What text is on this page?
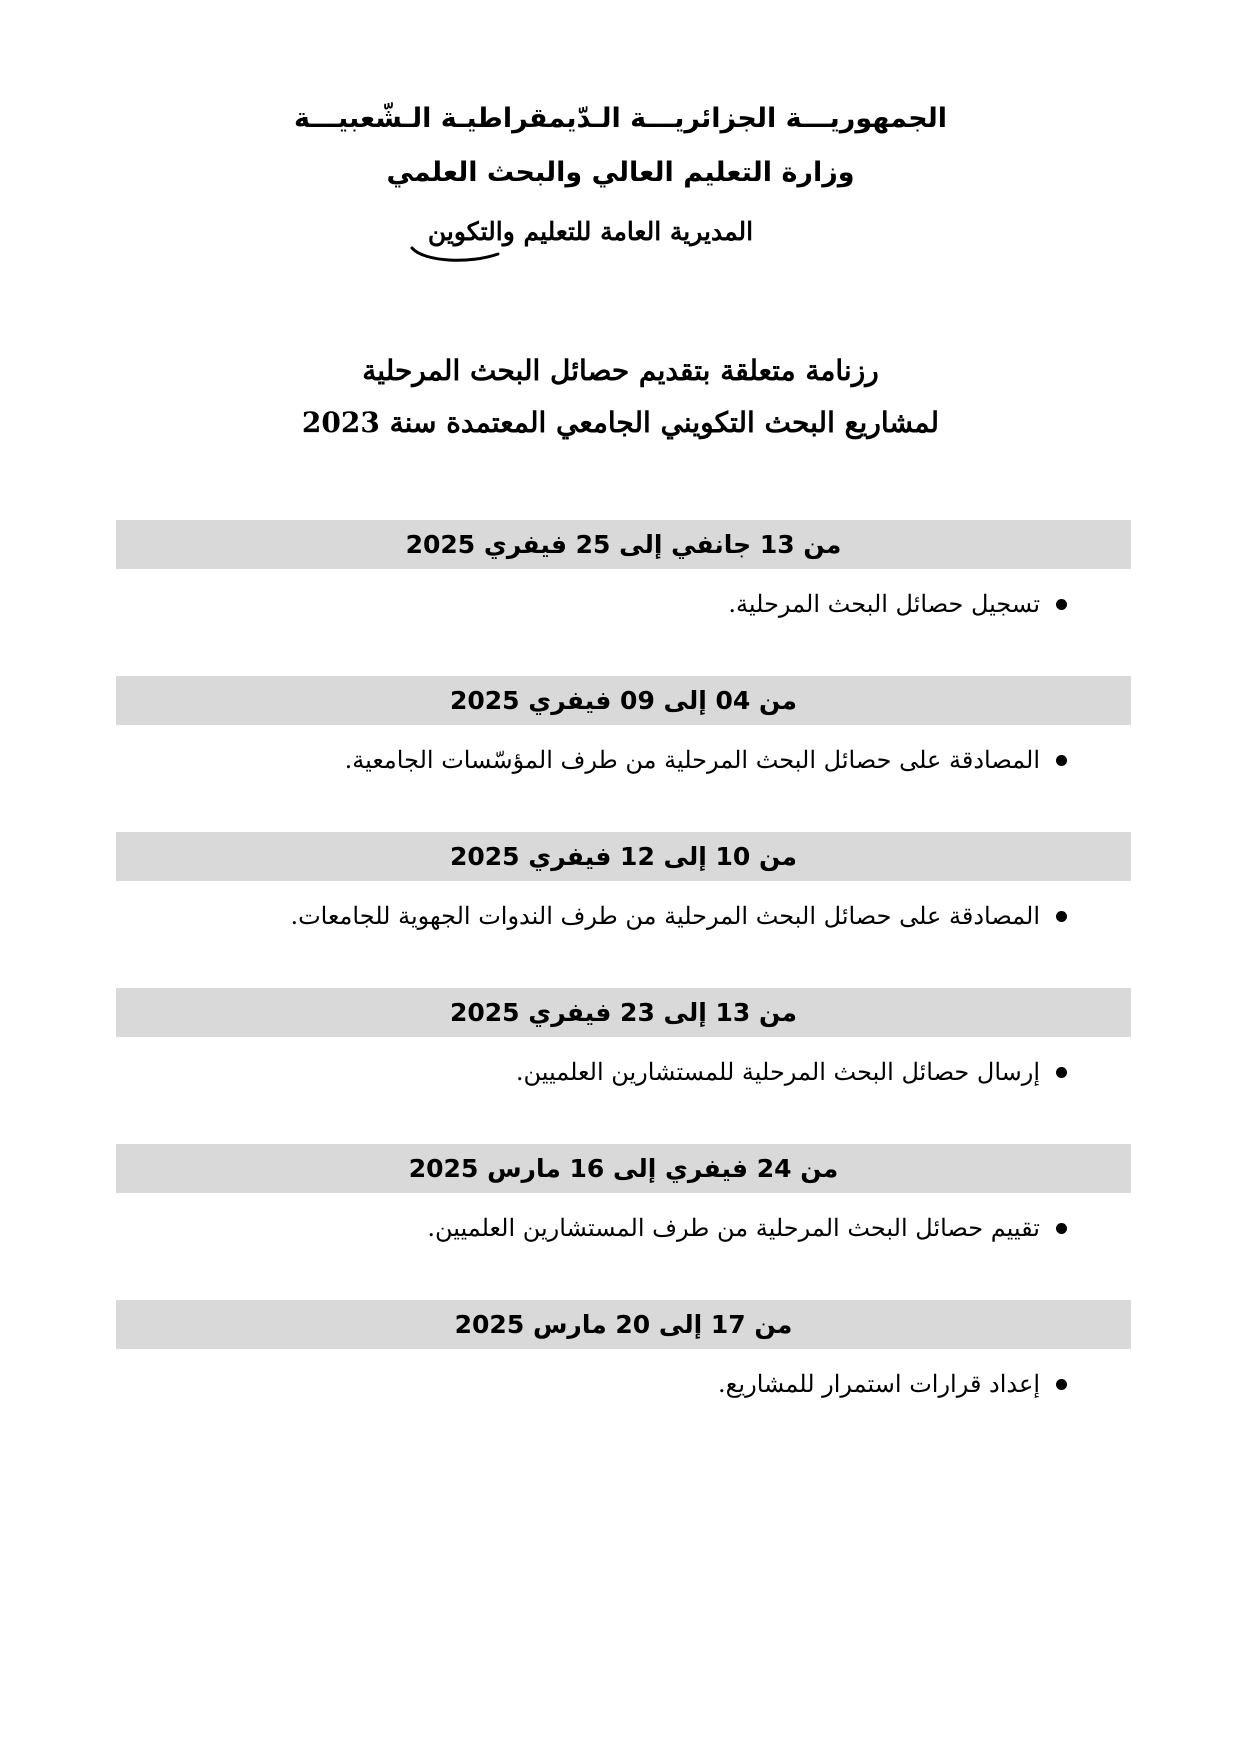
الجمهوريـــة الجزائريـــة الـدّيمقراطيـة الـشّعبيـــة
وزارة التعليم العالي والبحث العلمي
المديرية العامة للتعليم والتكوين
رزنامة متعلقة بتقديم حصائل البحث المرحلية
لمشاريع البحث التكويني الجامعي المعتمدة سنة 2023
من 13 جانفي إلى 25 فيفري 2025
تسجيل حصائل البحث المرحلية.
من 04 إلى 09 فيفري 2025
المصادقة على حصائل البحث المرحلية من طرف المؤسّسات الجامعية.
من 10 إلى 12 فيفري 2025
المصادقة على حصائل البحث المرحلية من طرف الندوات الجهوية للجامعات.
من 13 إلى 23 فيفري 2025
إرسال حصائل البحث المرحلية للمستشارين العلميين.
من 24 فيفري إلى 16 مارس 2025
تقييم حصائل البحث المرحلية من طرف المستشارين العلميين.
من 17 إلى 20 مارس 2025
إعداد قرارات استمرار للمشاريع.
